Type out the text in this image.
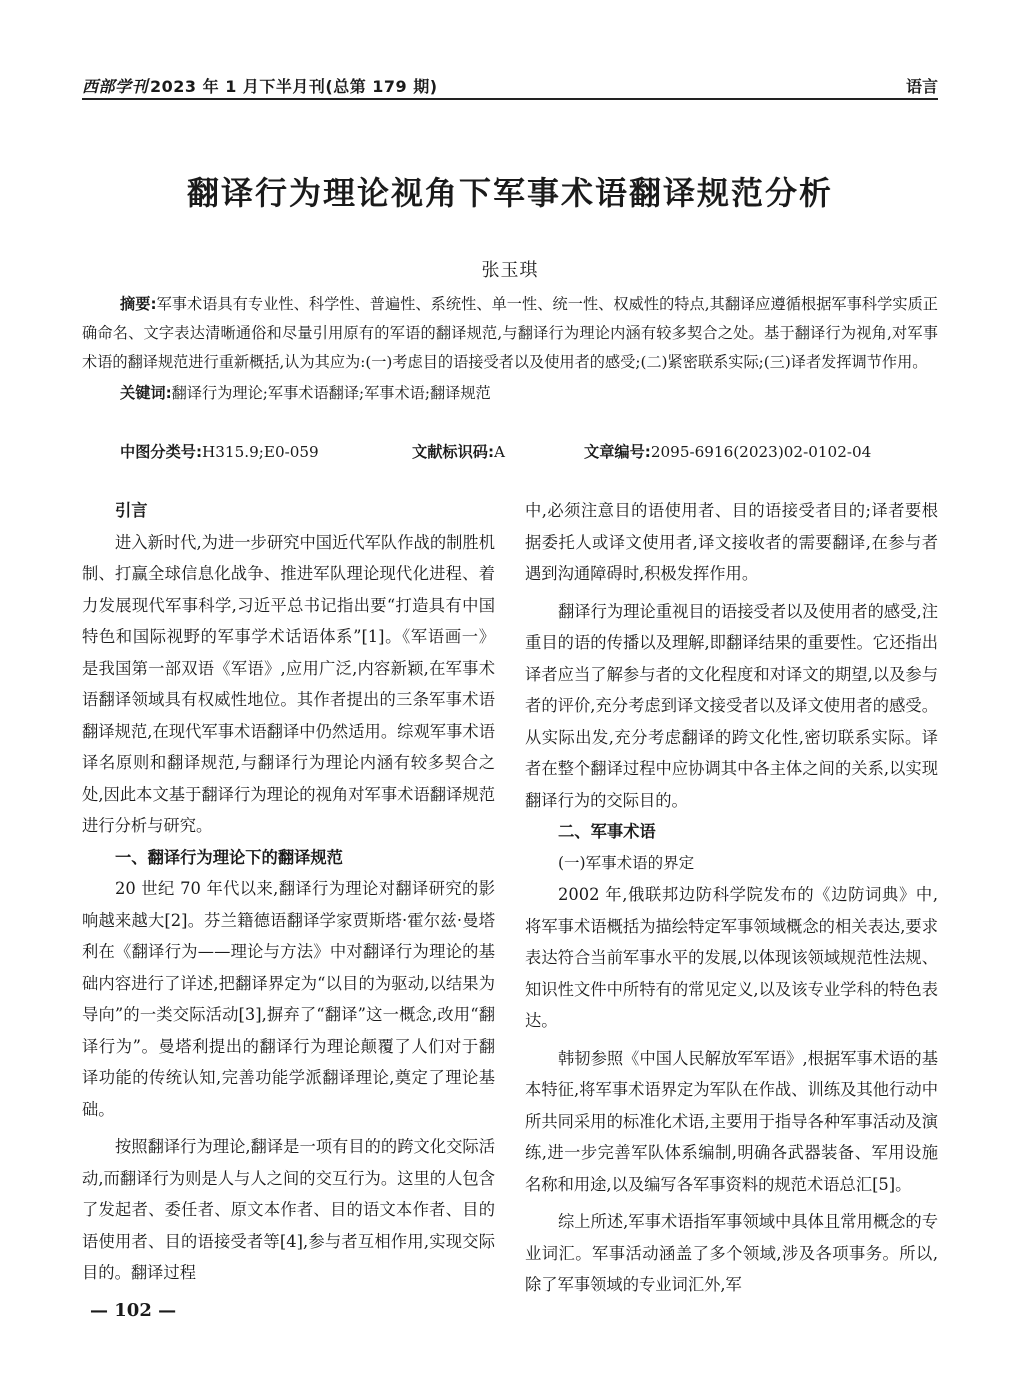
西部学刊 2023 年 1 月下半月刊(总第 179 期)	语言
翻译行为理论视角下军事术语翻译规范分析
张玉琪

摘要:军事术语具有专业性、科学性、普遍性、系统性、单一性、统一性、权威性的特点,其翻译应遵循根据军事科学实质正确命名、文字表达清晰通俗和尽量引用原有的军语的翻译规范,与翻译行为理论内涵有较多契合之处。基于翻译行为视角,对军事术语的翻译规范进行重新概括,认为其应为:(一)考虑目的语接受者以及使用者的感受;(二)紧密联系实际;(三)译者发挥调节作用。

关键词:翻译行为理论;军事术语翻译;军事术语;翻译规范
中图分类号:H315.9;E0-059	文献标识码:A	文章编号:2095-6916(2023)02-0102-04
引言

进入新时代,为进一步研究中国近代军队作战的制胜机制、打赢全球信息化战争、推进军队理论现代化进程、着力发展现代军事科学,习近平总书记指出要“打造具有中国特色和国际视野的军事学术话语体系”[1]。《军语画一》是我国第一部双语《军语》,应用广泛,内容新颖,在军事术语翻译领域具有权威性地位。其作者提出的三条军事术语翻译规范,在现代军事术语翻译中仍然适用。综观军事术语译名原则和翻译规范,与翻译行为理论内涵有较多契合之处,因此本文基于翻译行为理论的视角对军事术语翻译规范进行分析与研究。

一、翻译行为理论下的翻译规范

20 世纪 70 年代以来,翻译行为理论对翻译研究的影响越来越大[2]。芬兰籍德语翻译学家贾斯塔·霍尔兹·曼塔利在《翻译行为——理论与方法》中对翻译行为理论的基础内容进行了详述,把翻译界定为“以目的为驱动,以结果为导向”的一类交际活动[3],摒弃了“翻译”这一概念,改用“翻译行为”。曼塔利提出的翻译行为理论颠覆了人们对于翻译功能的传统认知,完善功能学派翻译理论,奠定了理论基础。

按照翻译行为理论,翻译是一项有目的的跨文化交际活动,而翻译行为则是人与人之间的交互行为。这里的人包含了发起者、委任者、原文本作者、目的语文本作者、目的语使用者、目的语接受者等[4],参与者互相作用,实现交际目的。翻译过程

中,必须注意目的语使用者、目的语接受者目的;译者要根据委托人或译文使用者,译文接收者的需要翻译,在参与者遇到沟通障碍时,积极发挥作用。

翻译行为理论重视目的语接受者以及使用者的感受,注重目的语的传播以及理解,即翻译结果的重要性。它还指出译者应当了解参与者的文化程度和对译文的期望,以及参与者的评价,充分考虑到译文接受者以及译文使用者的感受。从实际出发,充分考虑翻译的跨文化性,密切联系实际。译者在整个翻译过程中应协调其中各主体之间的关系,以实现翻译行为的交际目的。

二、军事术语
(一)军事术语的界定

2002 年,俄联邦边防科学院发布的《边防词典》中,将军事术语概括为描绘特定军事领域概念的相关表达,要求表达符合当前军事水平的发展,以体现该领域规范性法规、知识性文件中所特有的常见定义,以及该专业学科的特色表达。

韩韧参照《中国人民解放军军语》,根据军事术语的基本特征,将军事术语界定为军队在作战、训练及其他行动中所共同采用的标准化术语,主要用于指导各种军事活动及演练,进一步完善军队体系编制,明确各武器装备、军用设施名称和用途,以及编写各军事资料的规范术语总汇[5]。

综上所述,军事术语指军事领域中具体且常用概念的专业词汇。军事活动涵盖了多个领域,涉及各项事务。所以,除了军事领域的专业词汇外,军

— 102 —
